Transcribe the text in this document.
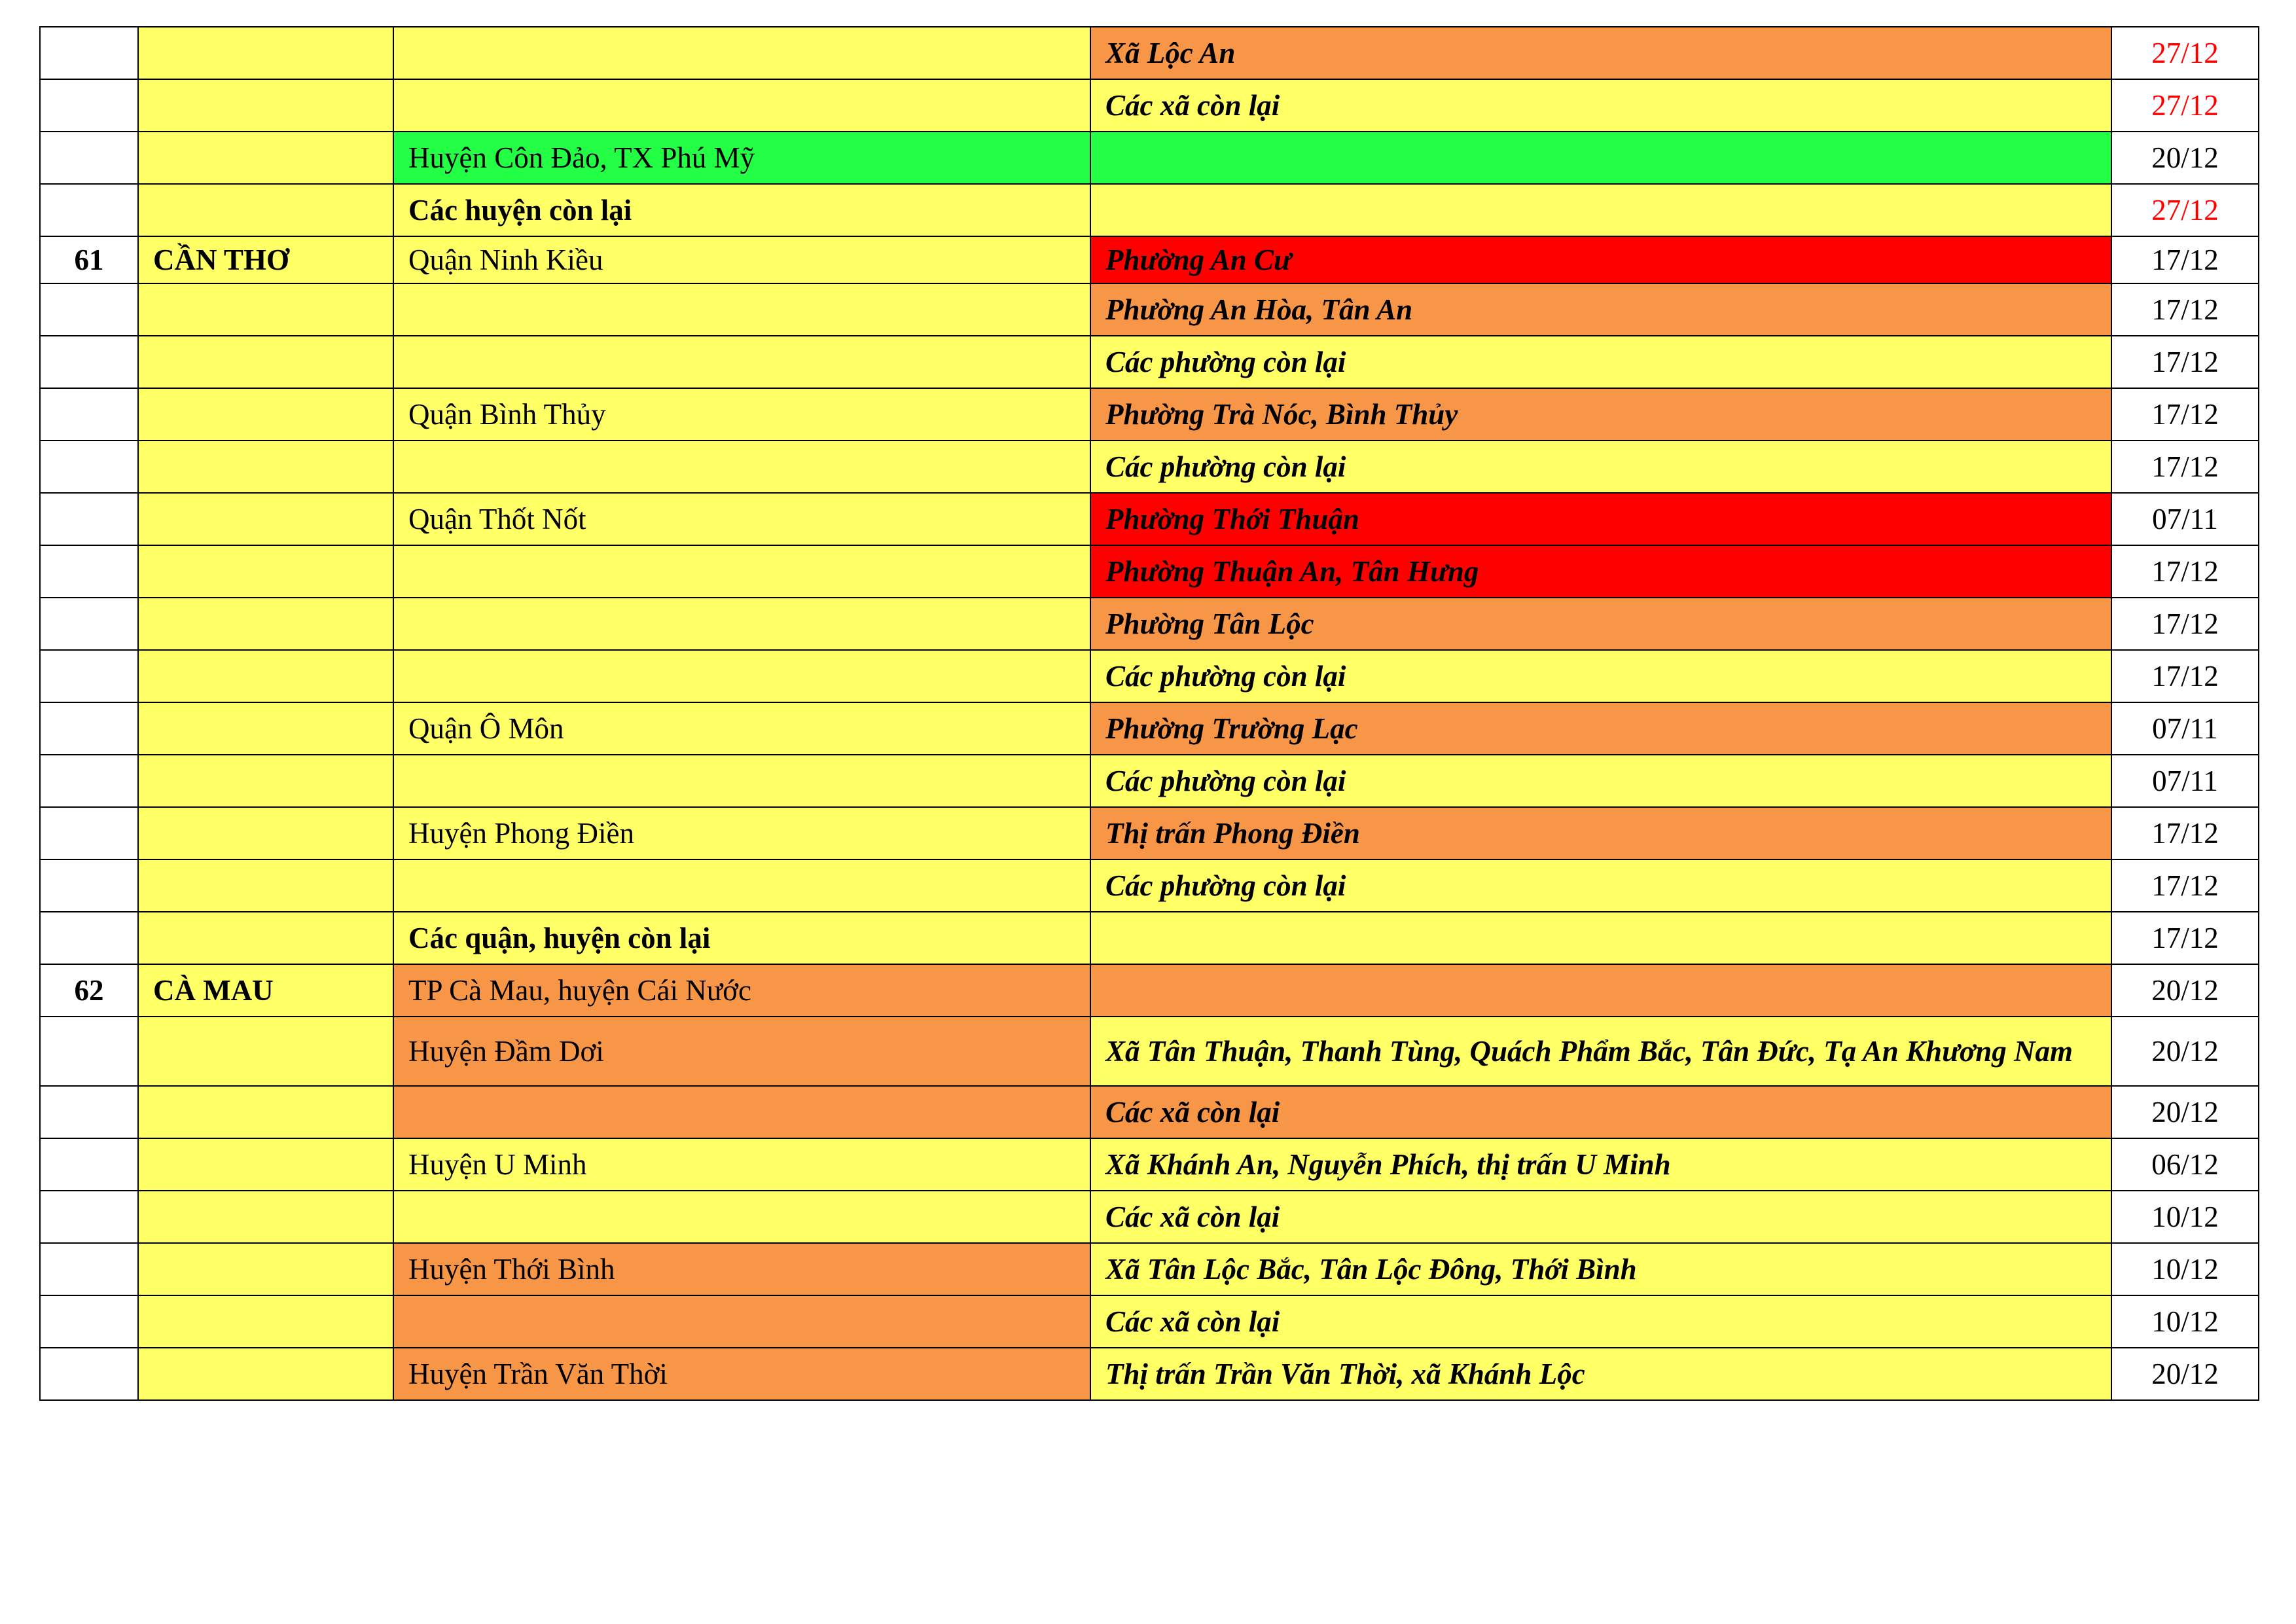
			Xã Lộc An	27/12
			Các xã còn lại	27/12
		Huyện Côn Đảo, TX Phú Mỹ		20/12
		Các huyện còn lại		27/12
61	CẦN THƠ	Quận Ninh Kiều	Phường An Cư	17/12
			Phường An Hòa, Tân An	17/12
			Các phường còn lại	17/12
		Quận Bình Thủy	Phường Trà Nóc, Bình Thủy	17/12
			Các phường còn lại	17/12
		Quận Thốt Nốt	Phường Thới Thuận	07/11
			Phường Thuận An, Tân Hưng	17/12
			Phường Tân Lộc	17/12
			Các phường còn lại	17/12
		Quận Ô Môn	Phường Trường Lạc	07/11
			Các phường còn lại	07/11
		Huyện Phong Điền	Thị trấn Phong Điền	17/12
			Các phường còn lại	17/12
		Các quận, huyện còn lại		17/12
62	CÀ MAU	TP Cà Mau, huyện Cái Nước		20/12
		Huyện Đầm Dơi	Xã Tân Thuận, Thanh Tùng, Quách Phẩm Bắc, Tân Đức, Tạ An Khương Nam	20/12
			Các xã còn lại	20/12
		Huyện U Minh	Xã Khánh An, Nguyễn Phích, thị trấn U Minh	06/12
			Các xã còn lại	10/12
		Huyện Thới Bình	Xã Tân Lộc Bắc, Tân Lộc Đông, Thới Bình	10/12
			Các xã còn lại	10/12
		Huyện Trần Văn Thời	Thị trấn Trần Văn Thời, xã Khánh Lộc	20/12
